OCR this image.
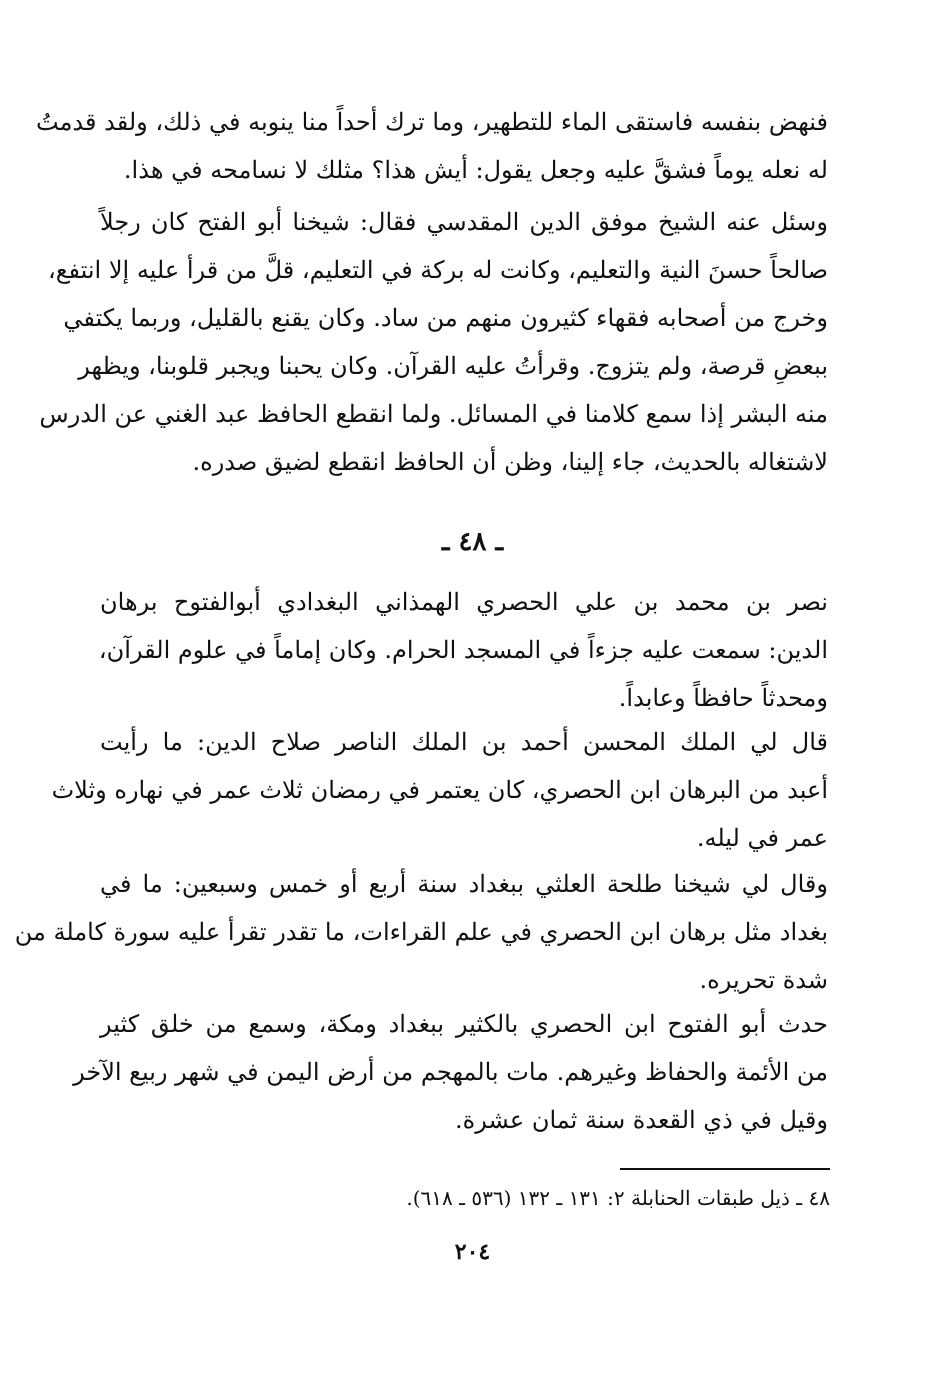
فنهض بنفسه فاستقى الماء للتطهير، وما ترك أحداً منا ينوبه في ذلك، ولقد قدمتُ
له نعله يوماً فشقَّ عليه وجعل يقول: أيش هذا؟ مثلك لا نسامحه في هذا.

وسئل عنه الشيخ موفق الدين المقدسي فقال: شيخنا أبو الفتح كان رجلاً
صالحاً حسنَ النية والتعليم، وكانت له بركة في التعليم، قلَّ من قرأ عليه إلا انتفع،
وخرج من أصحابه فقهاء كثيرون منهم من ساد. وكان يقنع بالقليل، وربما يكتفي
ببعضِ قرصة، ولم يتزوج. وقرأتُ عليه القرآن. وكان يحبنا ويجبر قلوبنا، ويظهر
منه البشر إذا سمع كلامنا في المسائل. ولما انقطع الحافظ عبد الغني عن الدرس
لاشتغاله بالحديث، جاء إلينا، وظن أن الحافظ انقطع لضيق صدره.

ـ ٤٨ ـ

نصر بن محمد بن علي الحصري الهمذاني البغدادي أبوالفتوح برهان
الدين: سمعت عليه جزءاً في المسجد الحرام. وكان إماماً في علوم القرآن،
ومحدثاً حافظاً وعابداً.

قال لي الملك المحسن أحمد بن الملك الناصر صلاح الدين: ما رأيت
أعبد من البرهان ابن الحصري، كان يعتمر في رمضان ثلاث عمر في نهاره وثلاث
عمر في ليله.

وقال لي شيخنا طلحة العلثي ببغداد سنة أربع أو خمس وسبعين: ما في
بغداد مثل برهان ابن الحصري في علم القراءات، ما تقدر تقرأ عليه سورة كاملة من
شدة تحريره.

حدث أبو الفتوح ابن الحصري بالكثير ببغداد ومكة، وسمع من خلق كثير
من الأئمة والحفاظ وغيرهم. مات بالمهجم من أرض اليمن في شهر ربيع الآخر
وقيل في ذي القعدة سنة ثمان عشرة.

٤٨ ـ ذيل طبقات الحنابلة ٢: ١٣١ ـ ١٣٢ (٥٣٦ ـ ٦١٨).
٢٠٤
